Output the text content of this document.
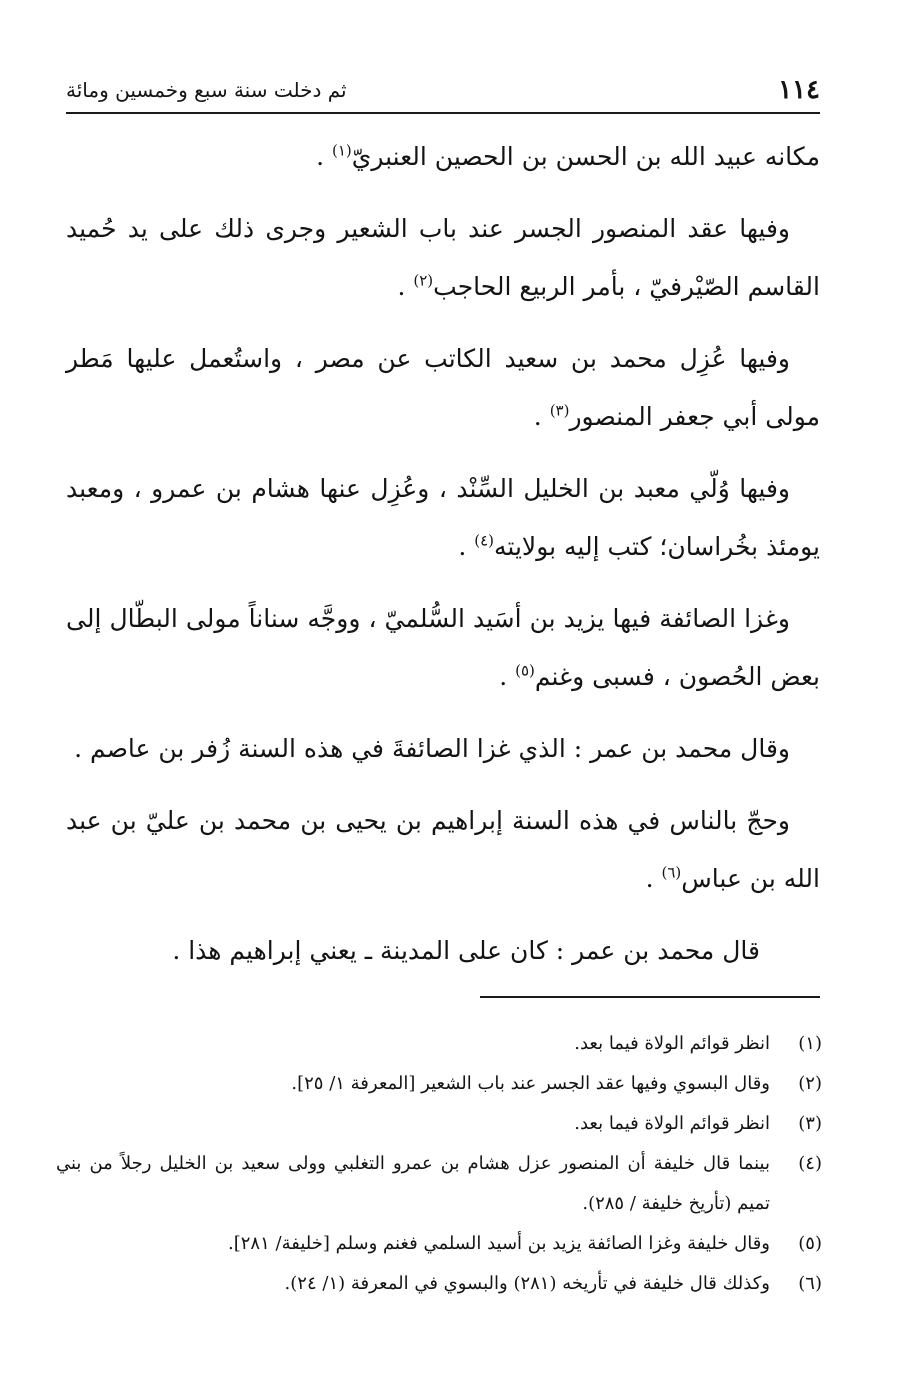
١١٤
ثم دخلت سنة سبع وخمسين ومائة

مكانه عبيد الله بن الحسن بن الحصين العنبريّ$^{(١)}$ .

وفيها عقد المنصور الجسر عند باب الشعير وجرى ذلك على يد حُميد القاسم الصّيْرفيّ ، بأمر الربيع الحاجب$^{(٢)}$ .

وفيها عُزِل محمد بن سعيد الكاتب عن مصر ، واستُعمل عليها مَطر مولى أبي جعفر المنصور$^{(٣)}$ .

وفيها وُلّي معبد بن الخليل السِّنْد ، وعُزِل عنها هشام بن عمرو ، ومعبد يومئذ بخُراسان؛ كتب إليه بولايته$^{(٤)}$ .

وغزا الصائفة فيها يزيد بن أسَيد السُّلميّ ، ووجَّه سناناً مولى البطّال إلى بعض الحُصون ، فسبى وغنم$^{(٥)}$ .

وقال محمد بن عمر : الذي غزا الصائفةَ في هذه السنة زُفر بن عاصم .

وحجّ بالناس في هذه السنة إبراهيم بن يحيى بن محمد بن عليّ بن عبد الله بن عباس$^{(٦)}$ .

قال محمد بن عمر : كان على المدينة ـ يعني إبراهيم هذا .

(١)
انظر قوائم الولاة فيما بعد.
(٢)
وقال البسوي وفيها عقد الجسر عند باب الشعير [المعرفة ١/ ٢٥].
(٣)
انظر قوائم الولاة فيما بعد.
(٤)
بينما قال خليفة أن المنصور عزل هشام بن عمرو التغلبي وولى سعيد بن الخليل رجلاً من بني تميم (تأريخ خليفة / ٢٨٥).
(٥)
وقال خليفة وغزا الصائفة يزيد بن أسيد السلمي فغنم وسلم [خليفة/ ٢٨١].
(٦)
وكذلك قال خليفة في تأريخه (٢٨١) والبسوي في المعرفة (١/ ٢٤).
